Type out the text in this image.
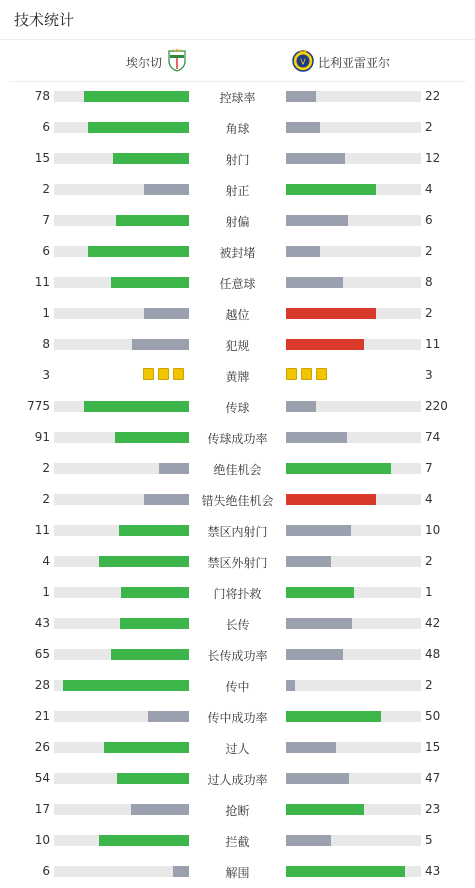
技术统计
埃尔切	比利亚雷亚尔
V
78	控球率	22
6	角球	2
15	射门	12
2	射正	4
7	射偏	6
6	被封堵	2
11	任意球	8
1	越位	2
8	犯规	11
3	黄牌	3
775	传球	220
91	传球成功率	74
2	绝佳机会	7
2	错失绝佳机会	4
11	禁区内射门	10
4	禁区外射门	2
1	门将扑救	1
43	长传	42
65	长传成功率	48
28	传中	2
21	传中成功率	50
26	过人	15
54	过人成功率	47
17	抢断	23
10	拦截	5
6	解围	43
